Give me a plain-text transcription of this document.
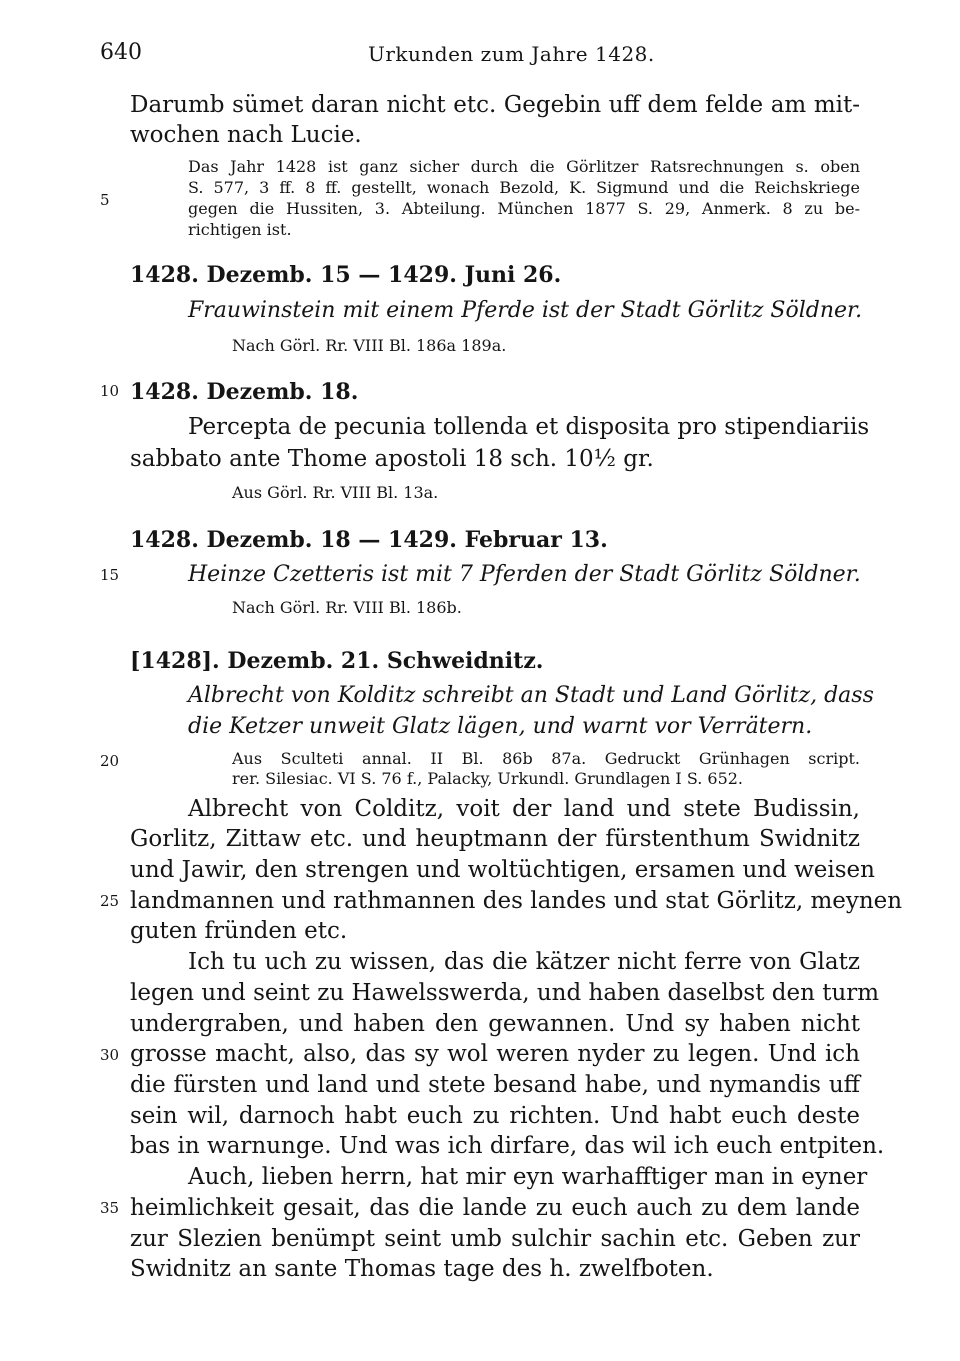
640	Urkunden zum Jahre 1428.
5
10
15
20
25
30
35
Darumb sümet daran nicht etc. Gegebin uff dem felde am mit-
wochen nach Lucie.
Das Jahr 1428 ist ganz sicher durch die Görlitzer Ratsrechnungen s. oben
S. 577, 3 ff. 8 ff. gestellt, wonach Bezold, K. Sigmund und die Reichskriege
gegen die Hussiten, 3. Abteilung. München 1877 S. 29, Anmerk. 8 zu be-
richtigen ist.
1428. Dezemb. 15 — 1429. Juni 26.
Frauwinstein mit einem Pferde ist der Stadt Görlitz Söldner.
Nach Görl. Rr. VIII Bl. 186a 189a.
1428. Dezemb. 18.
Percepta de pecunia tollenda et disposita pro stipendiariis
sabbato ante Thome apostoli 18 sch. 10½ gr.
Aus Görl. Rr. VIII Bl. 13a.
1428. Dezemb. 18 — 1429. Februar 13.
Heinze Czetteris ist mit 7 Pferden der Stadt Görlitz Söldner.
Nach Görl. Rr. VIII Bl. 186b.
[1428]. Dezemb. 21. Schweidnitz.
Albrecht von Kolditz schreibt an Stadt und Land Görlitz, dass
die Ketzer unweit Glatz lägen, und warnt vor Verrätern.
Aus Sculteti annal. II Bl. 86b 87a. Gedruckt Grünhagen script.
rer. Silesiac. VI S. 76 f., Palacky, Urkundl. Grundlagen I S. 652.
Albrecht von Colditz, voit der land und stete Budissin,
Gorlitz, Zittaw etc. und heuptmann der fürstenthum Swidnitz
und Jawir, den strengen und woltüchtigen, ersamen und weisen
landmannen und rathmannen des landes und stat Görlitz, meynen
guten fründen etc.
Ich tu uch zu wissen, das die kätzer nicht ferre von Glatz
legen und seint zu Hawelsswerda, und haben daselbst den turm
undergraben, und haben den gewannen. Und sy haben nicht
grosse macht, also, das sy wol weren nyder zu legen. Und ich
die fürsten und land und stete besand habe, und nymandis uff
sein wil, darnoch habt euch zu richten. Und habt euch deste
bas in warnunge. Und was ich dirfare, das wil ich euch entpiten.
Auch, lieben herrn, hat mir eyn warhafftiger man in eyner
heimlichkeit gesait, das die lande zu euch auch zu dem lande
zur Slezien benümpt seint umb sulchir sachin etc. Geben zur
Swidnitz an sante Thomas tage des h. zwelfboten.
